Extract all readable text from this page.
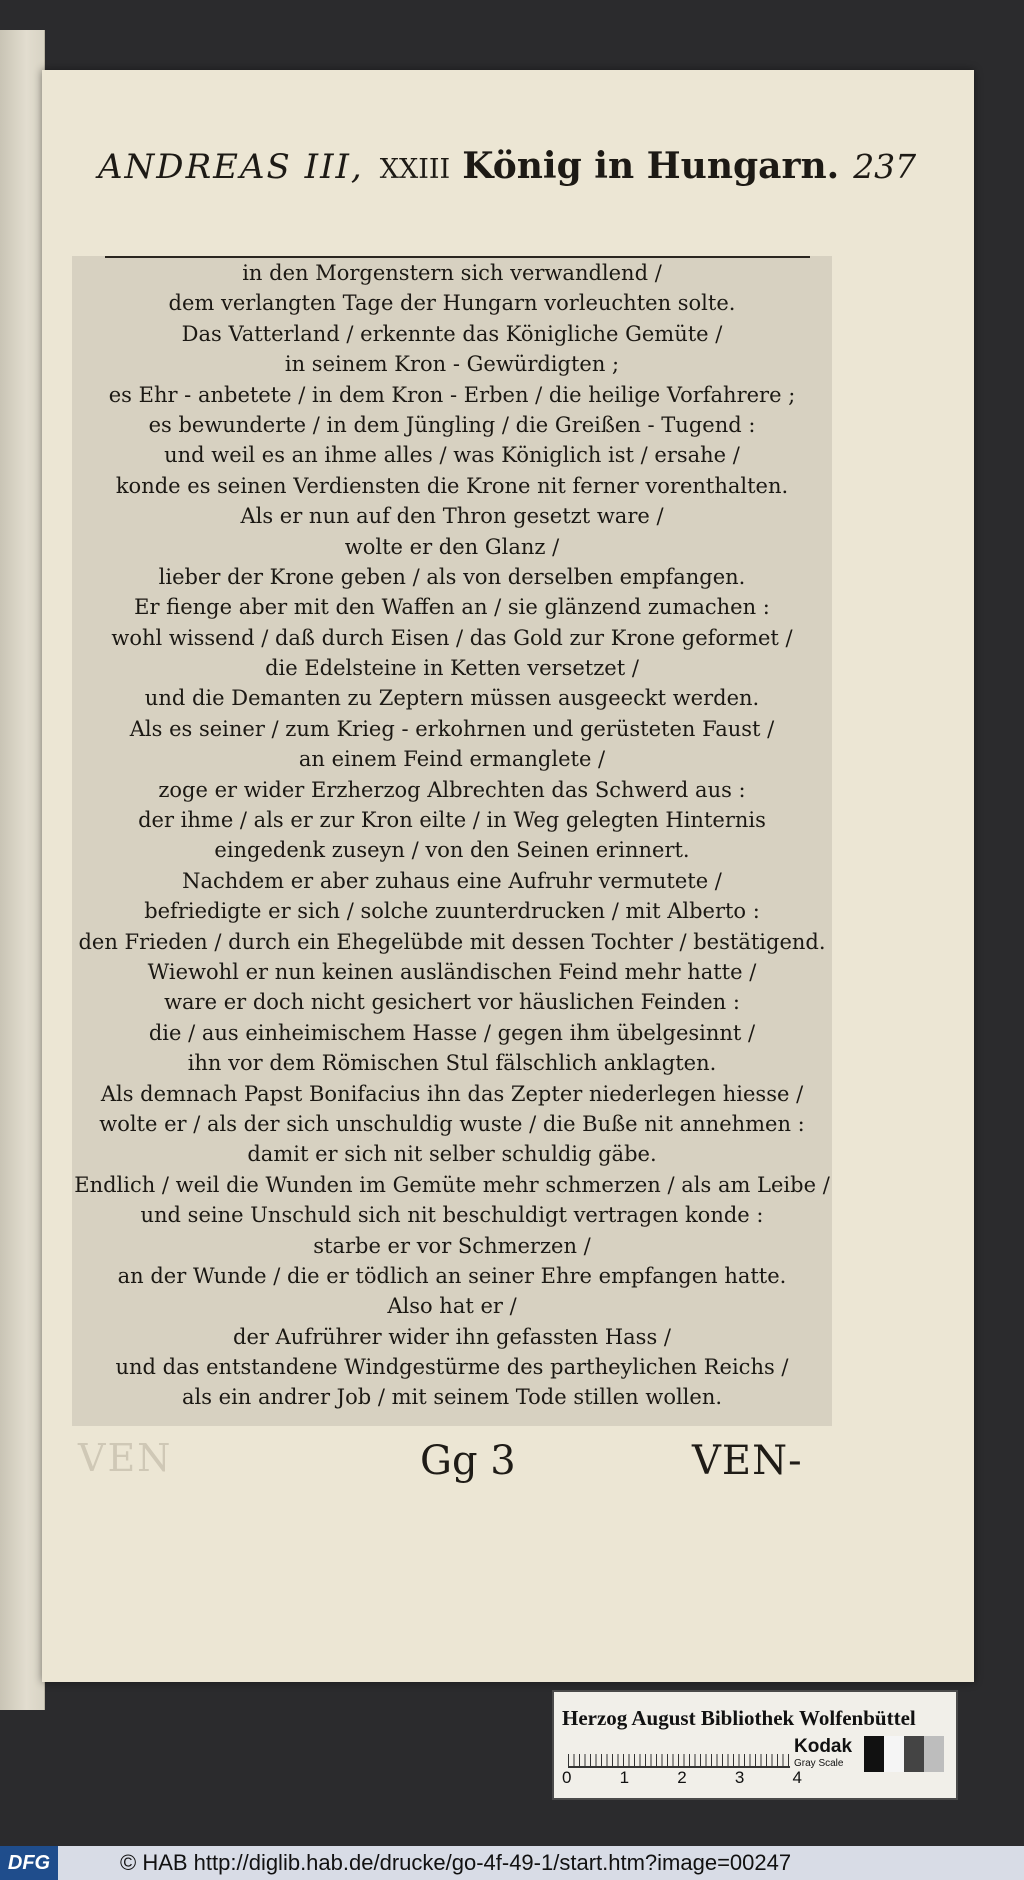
ANDREAS III, XXIII König in Hungarn. 237
in den Morgenstern sich verwandlend /
dem verlangten Tage der Hungarn vorleuchten solte.
Das Vatterland / erkennte das Königliche Gemüte /
in seinem Kron - Gewürdigten ;
es Ehr - anbetete / in dem Kron - Erben / die heilige Vorfahrere ;
es bewunderte / in dem Jüngling / die Greißen - Tugend :
und weil es an ihme alles / was Königlich ist / ersahe /
konde es seinen Verdiensten die Krone nit ferner vorenthalten.
Als er nun auf den Thron gesetzt ware /
wolte er den Glanz /
lieber der Krone geben / als von derselben empfangen.
Er fienge aber mit den Waffen an / sie glänzend zumachen :
wohl wissend / daß durch Eisen / das Gold zur Krone geformet /
die Edelsteine in Ketten versetzet /
und die Demanten zu Zeptern müssen ausgeeckt werden.
Als es seiner / zum Krieg - erkohrnen und gerüsteten Faust /
an einem Feind ermanglete /
zoge er wider Erzherzog Albrechten das Schwerd aus :
der ihme / als er zur Kron eilte / in Weg gelegten Hinternis
eingedenk zuseyn / von den Seinen erinnert.
Nachdem er aber zuhaus eine Aufruhr vermutete /
befriedigte er sich / solche zuunterdrucken / mit Alberto :
den Frieden / durch ein Ehegelübde mit dessen Tochter / bestätigend.
Wiewohl er nun keinen ausländischen Feind mehr hatte /
ware er doch nicht gesichert vor häuslichen Feinden :
die / aus einheimischem Hasse / gegen ihm übelgesinnt /
ihn vor dem Römischen Stul fälschlich anklagten.
Als demnach Papst Bonifacius ihn das Zepter niederlegen hiesse /
wolte er / als der sich unschuldig wuste / die Buße nit annehmen :
damit er sich nit selber schuldig gäbe.
Endlich / weil die Wunden im Gemüte mehr schmerzen / als am Leibe /
und seine Unschuld sich nit beschuldigt vertragen konde :
starbe er vor Schmerzen /
an der Wunde / die er tödlich an seiner Ehre empfangen hatte.
Also hat er /
der Aufrührer wider ihn gefassten Hass /
und das entstandene Windgestürme des partheylichen Reichs /
als ein andrer Job / mit seinem Tode stillen wollen.
VEN	Gg 3	VEN-
Herzog August Bibliothek Wolfenbüttel
0	1	2	3	4
Kodak
Gray Scale
DFG	© HAB http://diglib.hab.de/drucke/go-4f-49-1/start.htm?image=00247
